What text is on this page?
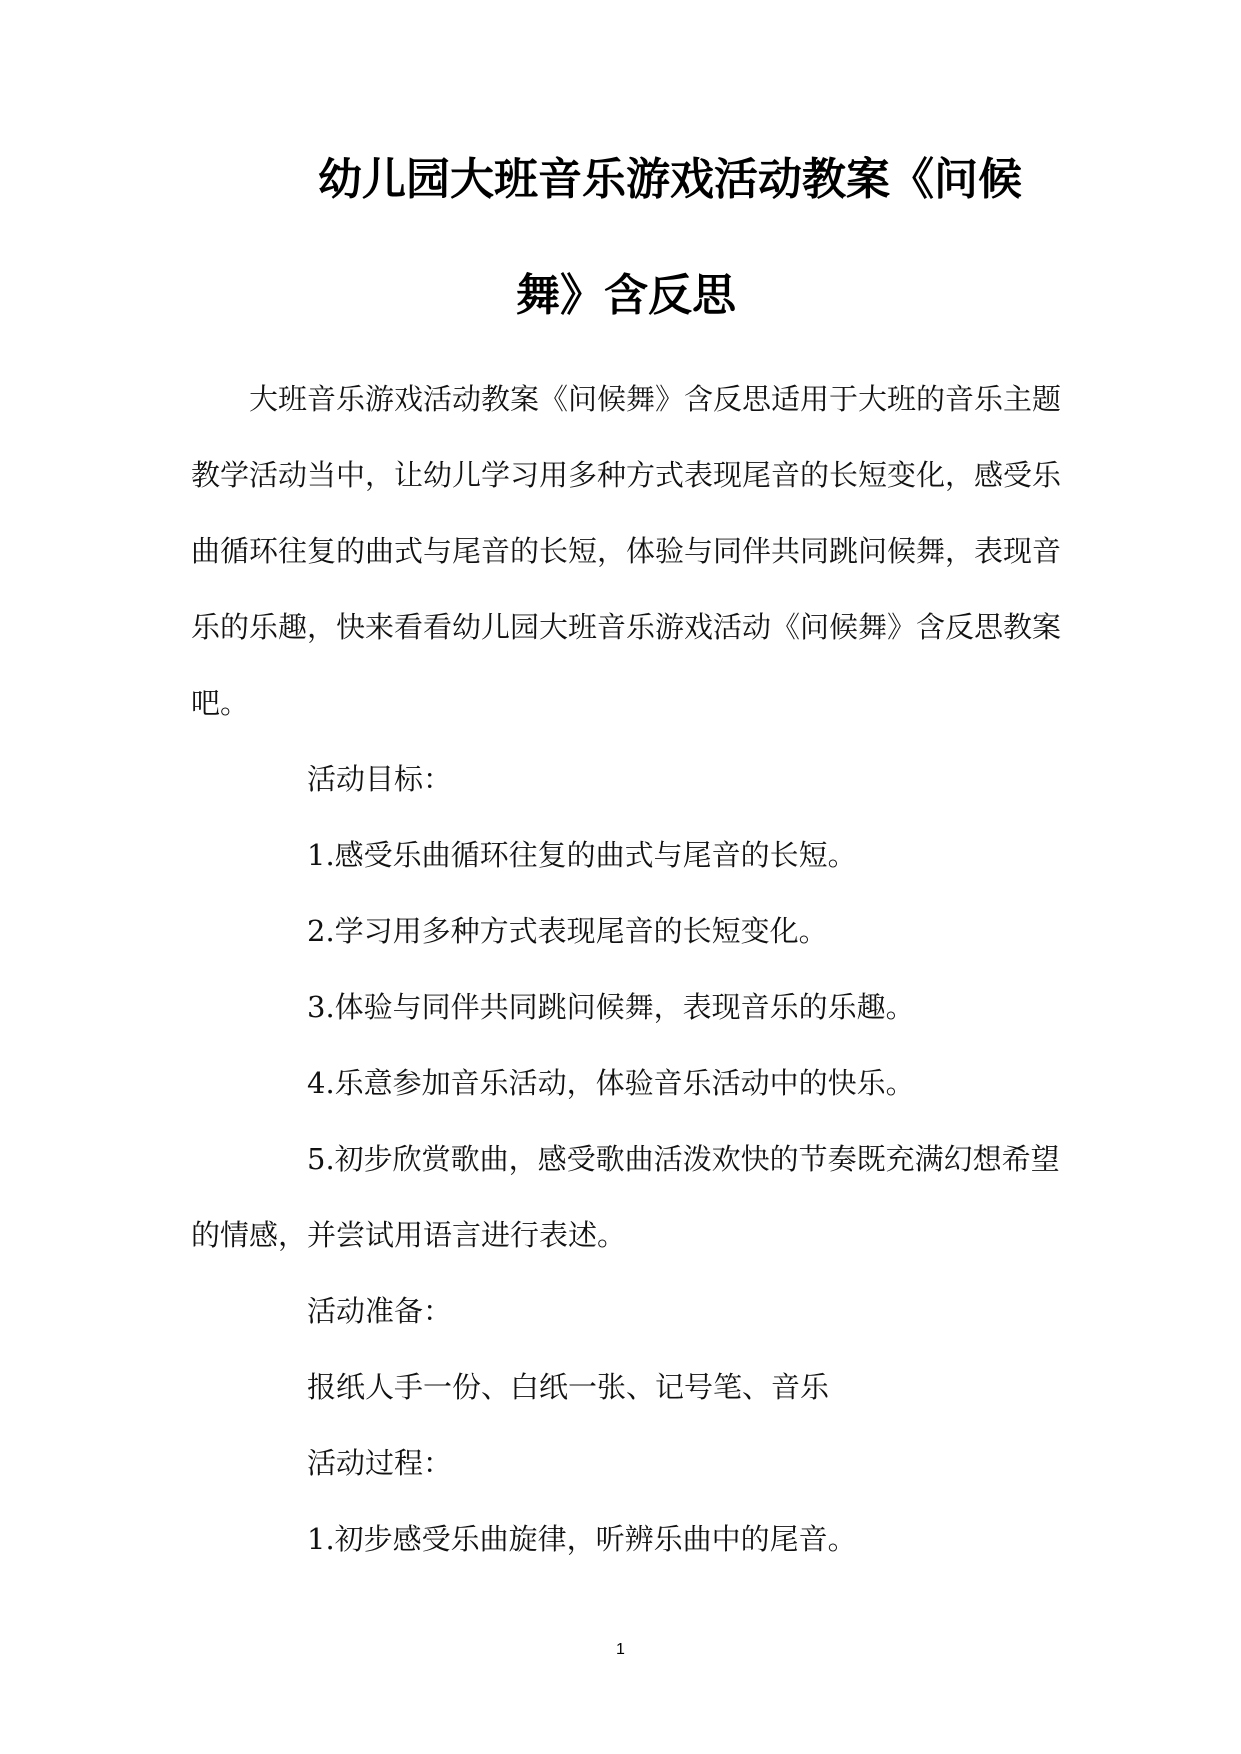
幼儿园大班音乐游戏活动教案《问候
舞》含反思
大班音乐游戏活动教案《问候舞》含反思适用于大班的音乐主题
教学活动当中，让幼儿学习用多种方式表现尾音的长短变化，感受乐
曲循环往复的曲式与尾音的长短，体验与同伴共同跳问候舞，表现音
乐的乐趣，快来看看幼儿园大班音乐游戏活动《问候舞》含反思教案
吧。
活动目标：
1.感受乐曲循环往复的曲式与尾音的长短。
2.学习用多种方式表现尾音的长短变化。
3.体验与同伴共同跳问候舞，表现音乐的乐趣。
4.乐意参加音乐活动，体验音乐活动中的快乐。
5.初步欣赏歌曲，感受歌曲活泼欢快的节奏既充满幻想希望
的情感，并尝试用语言进行表述。
活动准备：
报纸人手一份、白纸一张、记号笔、音乐
活动过程：
1.初步感受乐曲旋律，听辨乐曲中的尾音。
1
